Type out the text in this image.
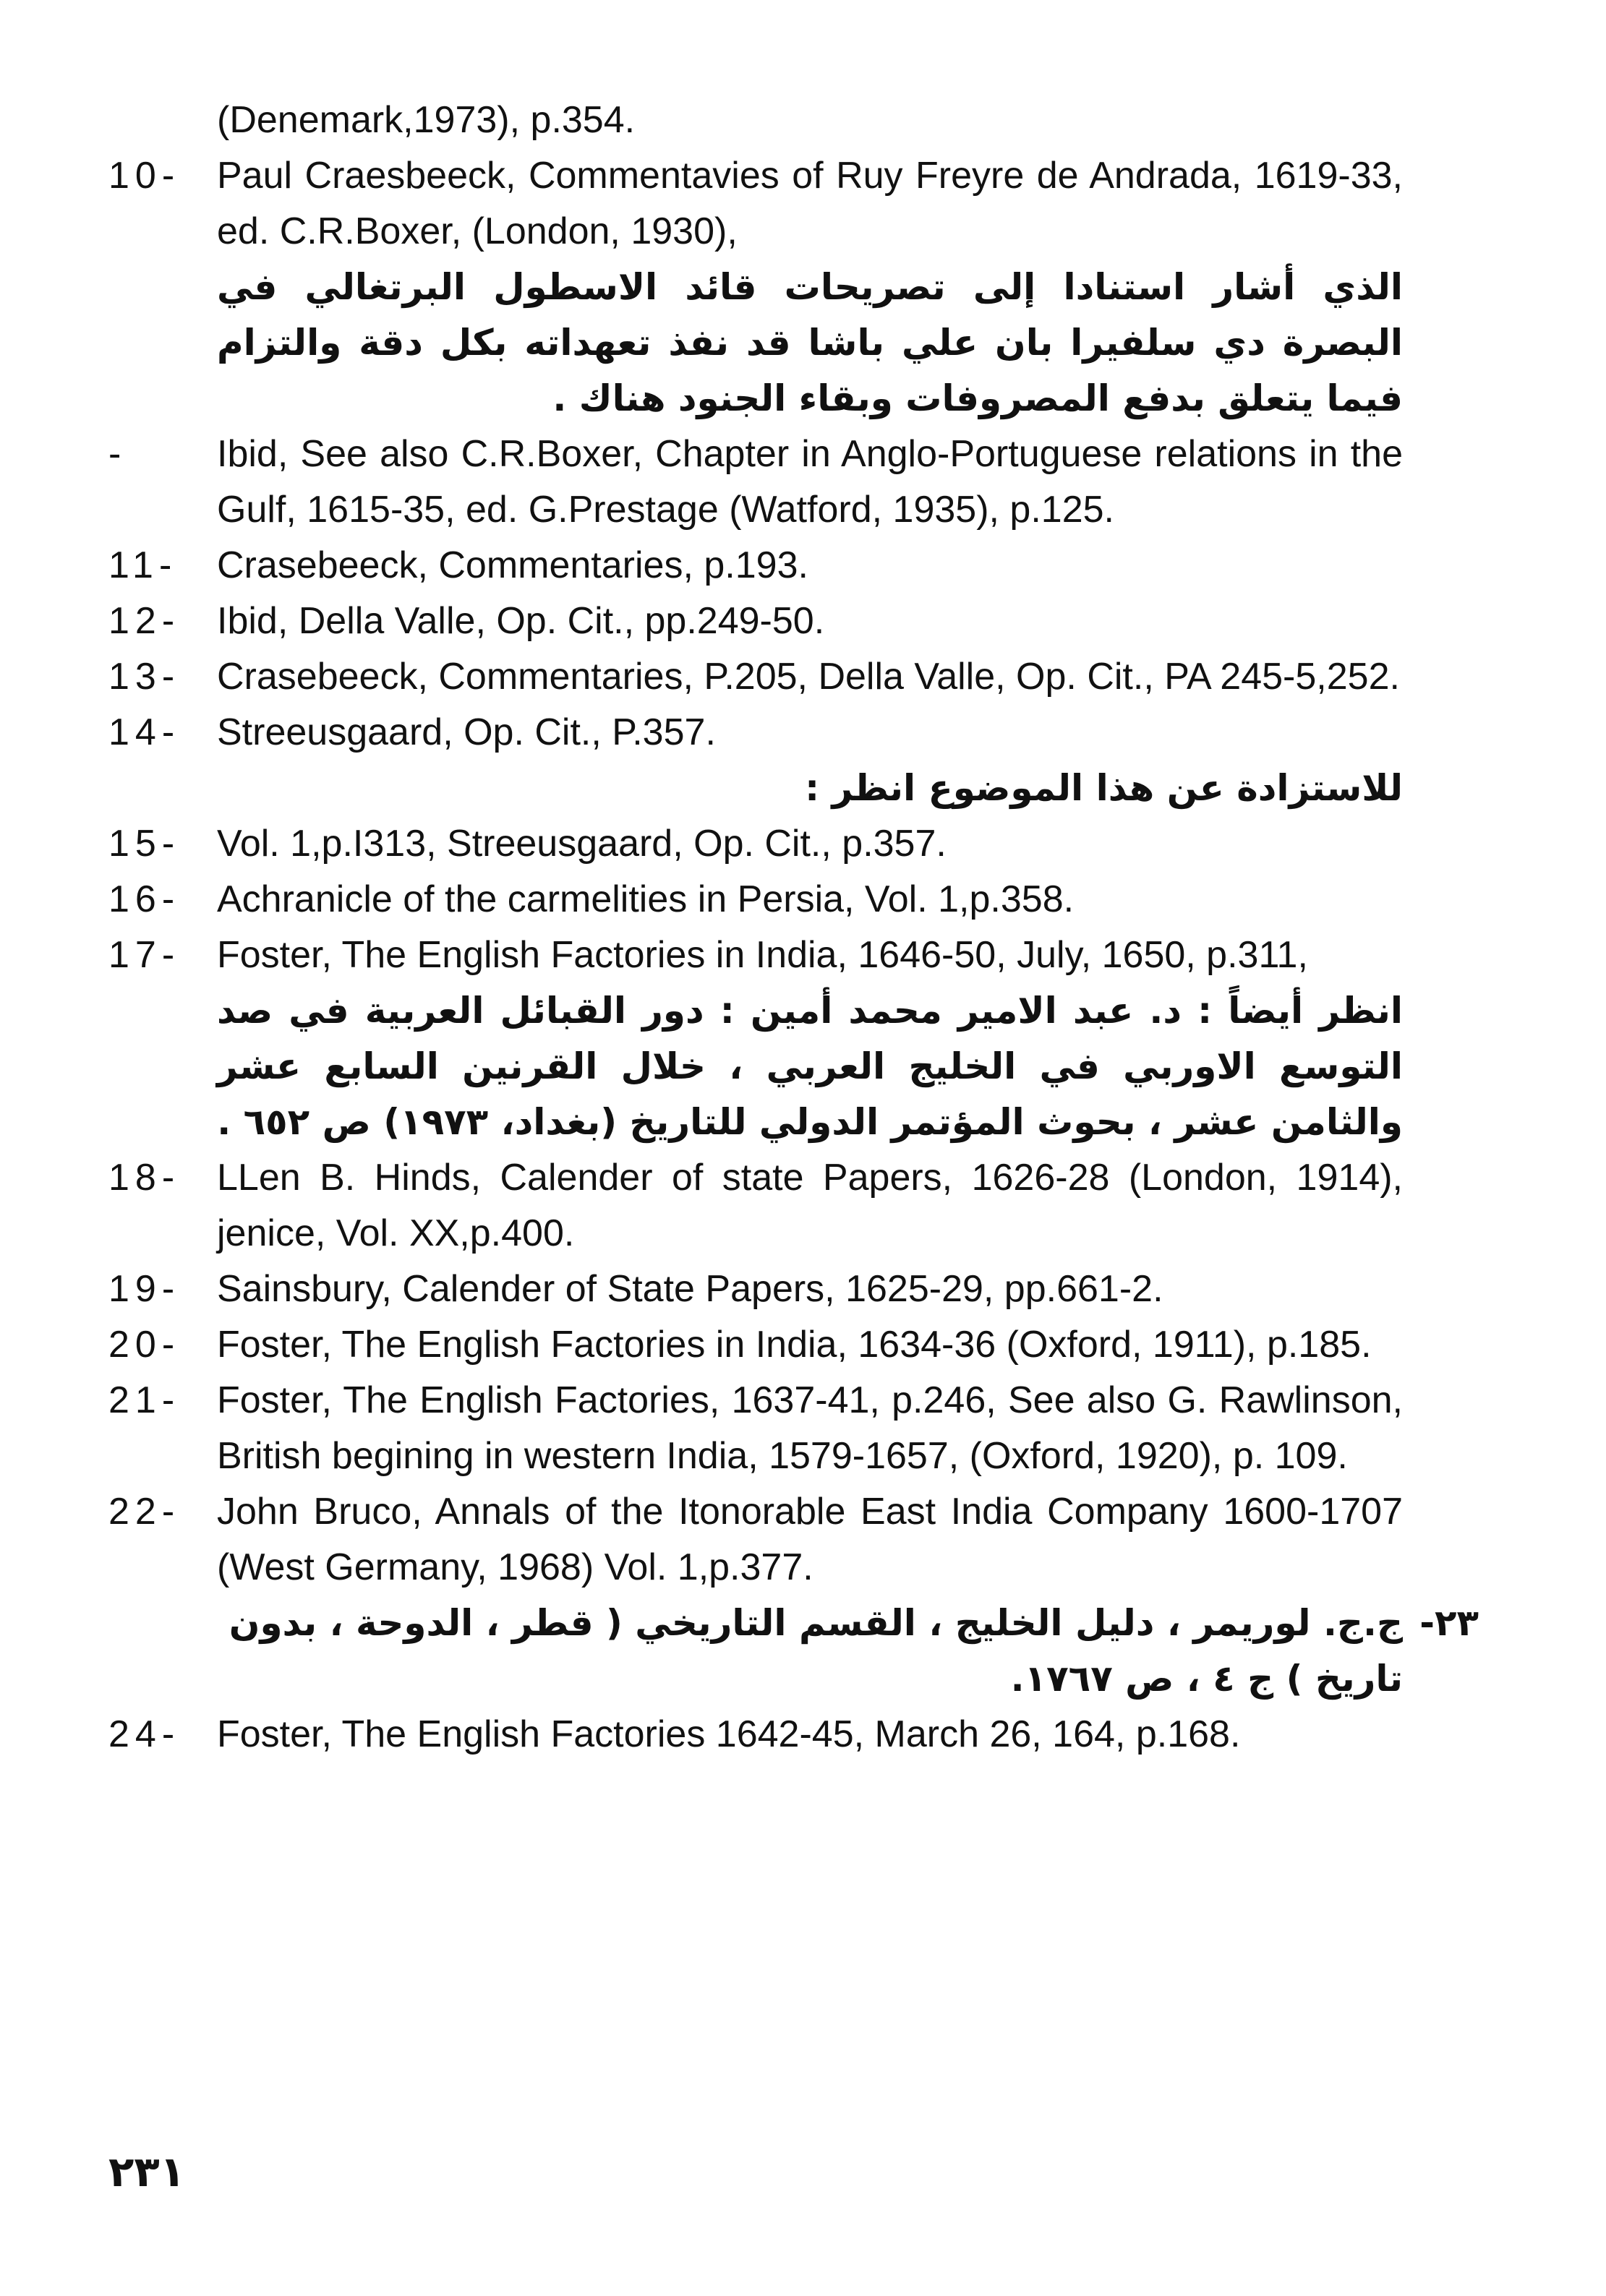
(Denemark,1973), p.354.
10- Paul Craesbeeck, Commentavies of Ruy Freyre de Andrada, 1619-33, ed. C.R.Boxer, (London, 1930),
الذي أشار استنادا إلى تصريحات قائد الاسطول البرتغالي في البصرة دي سلفيرا بان علي باشا قد نفذ تعهداته بكل دقة والتزام فيما يتعلق بدفع المصروفات وبقاء الجنود هناك .
-	Ibid, See also C.R.Boxer, Chapter in Anglo-Portuguese relations in the Gulf, 1615-35, ed. G.Prestage (Watford, 1935), p.125.
11-	Crasebeeck, Commentaries, p.193.
12- Ibid, Della Valle, Op. Cit., pp.249-50.
13- Crasebeeck, Commentaries, P.205, Della Valle, Op. Cit., PA 245-5,252.
14- Streeusgaard, Op. Cit., P.357.
للاستزادة عن هذا الموضوع انظر :
15- Vol. 1,p.I313, Streeusgaard, Op. Cit., p.357.
16- Achranicle of the carmelities in Persia, Vol. 1,p.358.
17- Foster, The English Factories in India, 1646-50, July, 1650, p.311,
انظر أيضاً : د. عبد الامير محمد أمين : دور القبائل العربية في صد التوسع الاوربي في الخليج العربي ، خلال القرنين السابع عشر والثامن عشر ، بحوث المؤتمر الدولي للتاريخ (بغداد، ١٩٧٣) ص ٦٥٢ .
18- LLen B. Hinds, Calender of state Papers, 1626-28 (London, 1914), jenice, Vol. XX,p.400.
19- Sainsbury, Calender of State Papers, 1625-29, pp.661-2.
20- Foster, The English Factories in India, 1634-36 (Oxford, 1911), p.185.
21- Foster, The English Factories, 1637-41, p.246, See also G. Rawlinson, British begining in western India, 1579-1657, (Oxford, 1920), p. 109.
22- John Bruco, Annals of the Itonorable East India Company 1600-1707 (West Germany, 1968) Vol. 1,p.377.
٢٣-
ج.ج. لوريمر ، دليل الخليج ، القسم التاريخي ( قطر ، الدوحة ، بدون تاريخ ) ج ٤ ، ص ١٧٦٧.
24- Foster, The English Factories 1642-45, March 26, 164, p.168.
٢٣١
